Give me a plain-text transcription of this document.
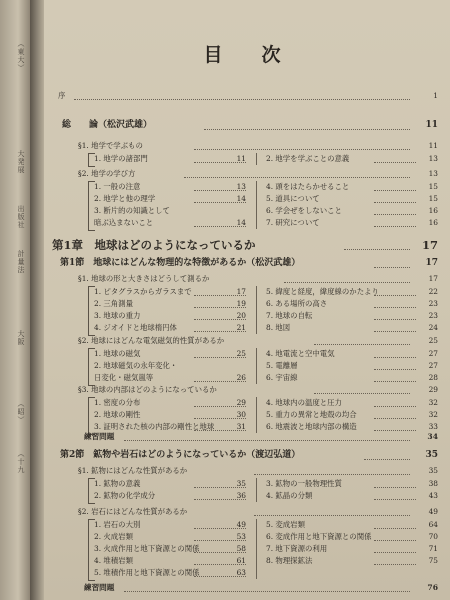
（東大）
大発展
出版社
計量法
大阪
（昭）
（十九
目　次
序	1
総　　論（松沢武雄）	11
§1. 地学で学ぶもの	11
1. 地学の諸部門	11	2. 地学を学ぶことの意義	13
§2. 地学の学び方	13
1. 一般の注意	13	4. 頭をはたらかせること	15
2. 地学と他の理学	14	5. 道具について	15
3. 断片的の知識として	6. 学会ぜをしないこと	16
暗ぶ込まないこと	14	7. 研究について	16
第1章　地球はどのようになっているか	17
第1節　地球にはどんな物理的な特徴があるか（松沢武雄）	17
§1. 地球の形と大きさはどうして測るか	17
1. ピタグラスからガラスまで	17	5. 緯度と経度，緯度線のかたより	22
2. 三角測量	19	6. ある場所の高さ	23
3. 地球の重力	20	7. 地球の自転	23
4. ジオイドと地球楕円体	21	8. 地図	24
§2. 地球にはどんな電気磁気的性質があるか	25
1. 地球の磁気	25	4. 地電流と空中電気	27
2. 地球磁気の永年変化・	5. 電離層	27
日変化・磁気嵐等	26	6. 宇宙線	28
§3. 地球の内部はどのようになっているか	29
1. 密度の分布	29	4. 地球内の温度と圧力	32
2. 地球の剛性	30	5. 重力の異常と地殻の均合	32
3. 証明された核の内部の剛性と地球	31	6. 地震波と地球内部の構造	33
練習問題	34
第2節　鉱物や岩石はどのようになっているか（渡辺弘道）	35
§1. 鉱物にはどんな性質があるか	35
1. 鉱物の意義	35	3. 鉱物の一般物理性質	38
2. 鉱物の化学成分	36	4. 鉱晶の分類	43
§2. 岩石にはどんな性質があるか	49
1. 岩石の大別	49	5. 変成岩類	64
2. 火成岩類	53	6. 変成作用と地下資源との関係	70
3. 火成作用と地下資源との関係	58	7. 地下資源の利用	71
4. 堆積岩類	61	8. 物理探鉱法	75
5. 堆積作用と地下資源との関係	63
練習問題	76
